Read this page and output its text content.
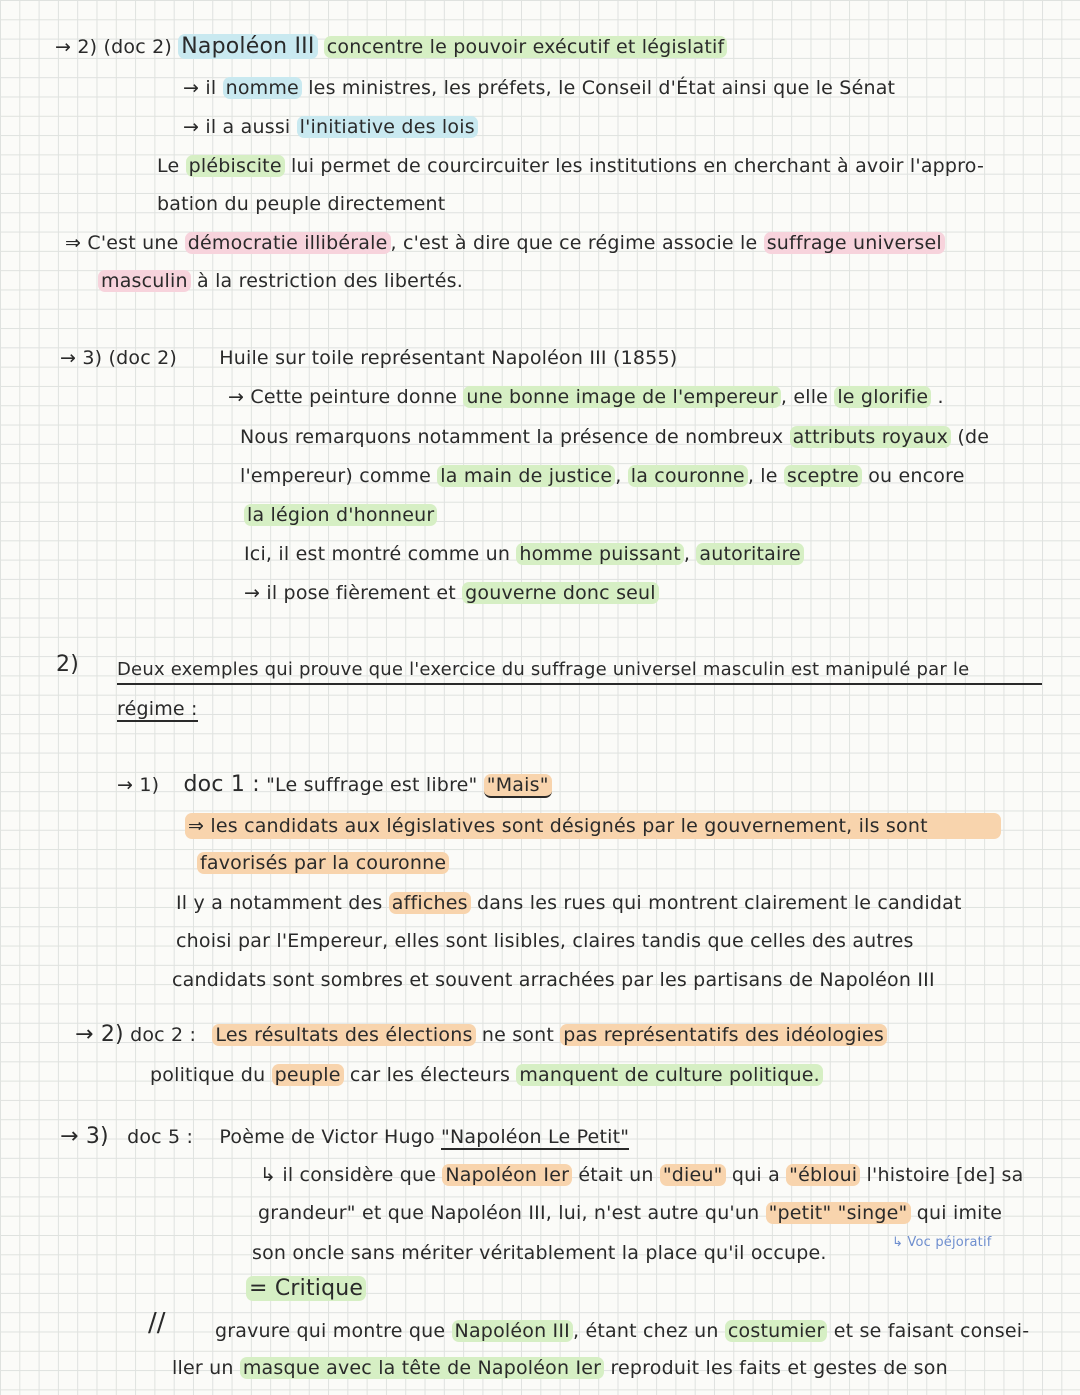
→ 2) (doc 2) Napoléon III concentre le pouvoir exécutif et législatif
→ il nomme les ministres, les préfets, le Conseil d'État ainsi que le Sénat
→ il a aussi l'initiative des lois
Le plébiscite lui permet de courcircuiter les institutions en cherchant à avoir l'appro-
bation du peuple directement
⇒ C'est une démocratie illibérale , c'est à dire que ce régime associe le suffrage universel
masculin à la restriction des libertés.
→ 3) (doc 2) Huile sur toile représentant Napoléon III (1855)
→ Cette peinture donne une bonne image de l'empereur , elle le glorifie .
Nous remarquons notamment la présence de nombreux attributs royaux (de
l'empereur) comme la main de justice , la couronne , le sceptre ou encore
la légion d'honneur
Ici, il est montré comme un homme puissant , autoritaire
→ il pose fièrement et gouverne donc seul
2) Deux exemples qui prouve que l'exercice du suffrage universel masculin est manipulé par le
régime :
→ 1) doc 1 : "Le suffrage est libre" "Mais"
⇒ les candidats aux législatives sont désignés par le gouvernement, ils sont
favorisés par la couronne
Il y a notamment des affiches dans les rues qui montrent clairement le candidat
choisi par l'Empereur, elles sont lisibles, claires tandis que celles des autres
candidats sont sombres et souvent arrachées par les partisans de Napoléon III
→ 2) doc 2 : Les résultats des élections ne sont pas représentatifs des idéologies
politique du peuple car les électeurs manquent de culture politique.
→ 3) doc 5 : Poème de Victor Hugo "Napoléon Le Petit"
↳ il considère que Napoléon Ier était un "dieu" qui a "ébloui l'histoire [de] sa
grandeur" et que Napoléon III, lui, n'est autre qu'un "petit" "singe" qui imite
↳ Voc péjoratif
son oncle sans mériter véritablement la place qu'il occupe.
= Critique
//	gravure qui montre que Napoléon III , étant chez un costumier et se faisant consei-
ller un masque avec la tête de Napoléon Ier reproduit les faits et gestes de son
